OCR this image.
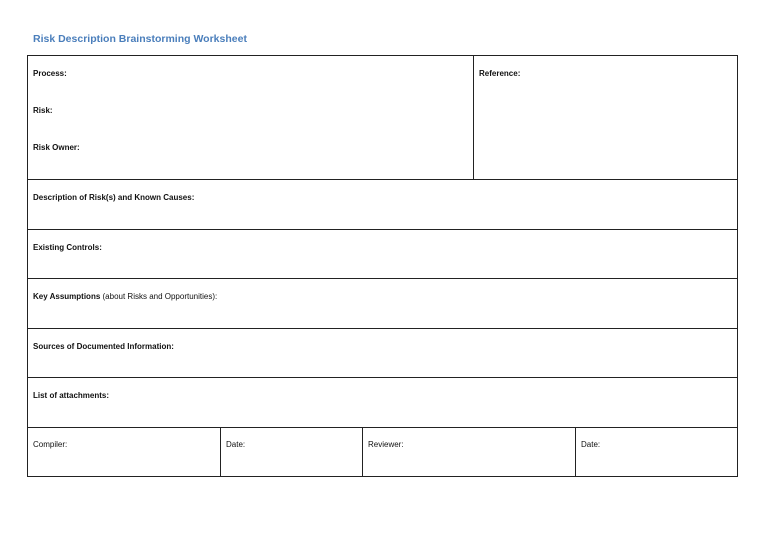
Risk Description Brainstorming Worksheet
Process:
Risk:
Risk Owner:
Reference:
Description of Risk(s) and Known Causes:
Existing Controls:
Key Assumptions (about Risks and Opportunities):
Sources of Documented Information:
List of attachments:
Compiler:	Date:	Reviewer:	Date:
